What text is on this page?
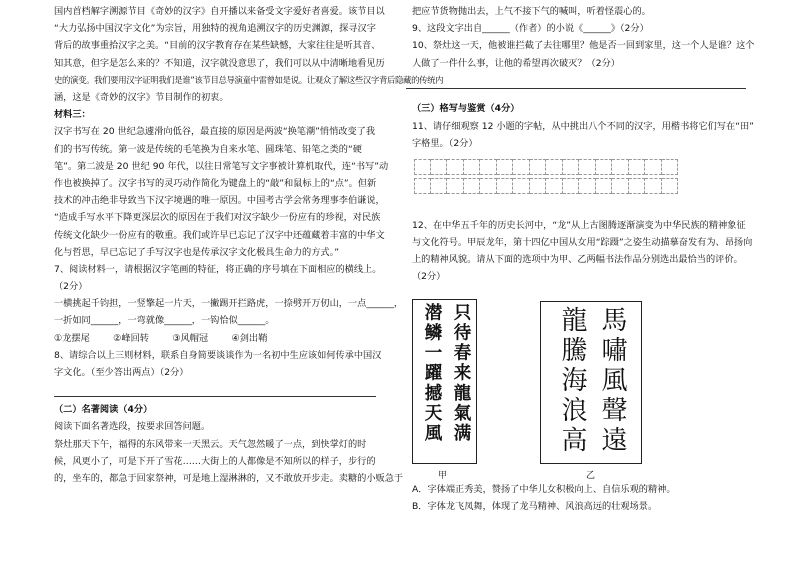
国内首档解字溯源节目《奇妙的汉字》自开播以来备受文字爱好者喜爱。该节目以
“大力弘扬中国汉字文化”为宗旨，用独特的视角追溯汉字的历史渊源，探寻汉字
背后的故事重拾汉字之美。“目前的汉字教育存在某些缺憾，大家往往是听其音、
知其意，但字是怎么来的？不知道，汉字就没意思了，我们可以从中清晰地看见历
史的演变。我们要用汉字证明我们是谁”该节目总导演童中雷曾如是说。让观众了解这些汉字背后隐藏的传统内
涵，这是《奇妙的汉字》节目制作的初衷。
材料三：
汉字书写在 20 世纪急遽滑向低谷，最直接的原因是两波“换笔潮”悄悄改变了我
们的书写传统。第一波是传统的毛笔换为自来水笔、圆珠笔、铅笔之类的“硬
笔”。第二波是 20 世纪 90 年代，以往日常笔写文字事被计算机取代，连“书写”动
作也被换掉了。汉字书写的灵巧动作简化为键盘上的“敲”和鼠标上的“点”。但新
技术的冲击绝非导致当下汉字境遇的唯一原因。中国考古学会常务理事李伯谦说，
“造成手写水平下降更深层次的原因在于我们对汉字缺少一份应有的珍视，对民族
传统文化缺少一份应有的敬重。我们或许早已忘记了汉字中还蕴藏着丰富的中华文
化与哲思，早已忘记了手写汉字也是传承汉字文化极具生命力的方式。”
7、阅读材料一，请根据汉字笔画的特征，将正确的序号填在下面相应的横线上。
（2分）
一横挑起千钧担，一竖擎起一片天，一撇踢开拦路虎，一捺劈开万仞山，一点______，
一折如同______，一弯就像______，一钩恰似______。
①龙摆尾        ②峰回转        ③风帽冠        ④剑出鞘
8、请综合以上三则材料，联系自身简要谈谈作为一名初中生应该如何传承中国汉
字文化。（至少答出两点）（2分）
（二）名著阅读（4分）
阅读下面名著选段，按要求回答问题。
祭灶那天下午，福得的东风带来一天黑云。天气忽然暖了一点，到快掌灯的时
候，风更小了，可是下开了雪花……大街上的人都像是不知所以的样子，步行的
的，坐车的，都急于回家祭神，可是地上湿淋淋的，又不敢放开步走。卖糖的小贩急于
把应节货物抛出去，上气不接下气的喊叫，听着怪震心的。
9、这段文字出自______（作者）的小说《______》（2分）
10、祭灶这一天，他被谁拦截了去往哪里？他是否一回到家里，这一个人是谁？这个
人做了一件什么事，让他的希望再次破灭？（2分）
（三）格写与鉴赏（4分）
11、请仔细观察 12 小题的字帖，从中挑出八个不同的汉字，用楷书将它们写在“田”
字格里。（2分）
12、在中华五千年的历史长河中，“龙”从上古图腾逐渐演变为中华民族的精神象征
与文化符号。甲辰龙年，第十四亿中国从女用“踪蹑”之姿生动描摹奋发有为、昂扬向
上的精神风貌。请从下面的选项中为甲、乙两幅书法作品分别选出最恰当的评价。
（2分）
只待春来龍氣满
潜鳞一躍撼天風
甲
馬嘯風聲遠
龍騰海浪高
乙
A．字体端正秀美，赞扬了中华儿女积极向上、自信乐观的精神。
B．字体龙飞凤舞，体现了龙马精神、风浪高远的壮观场景。
